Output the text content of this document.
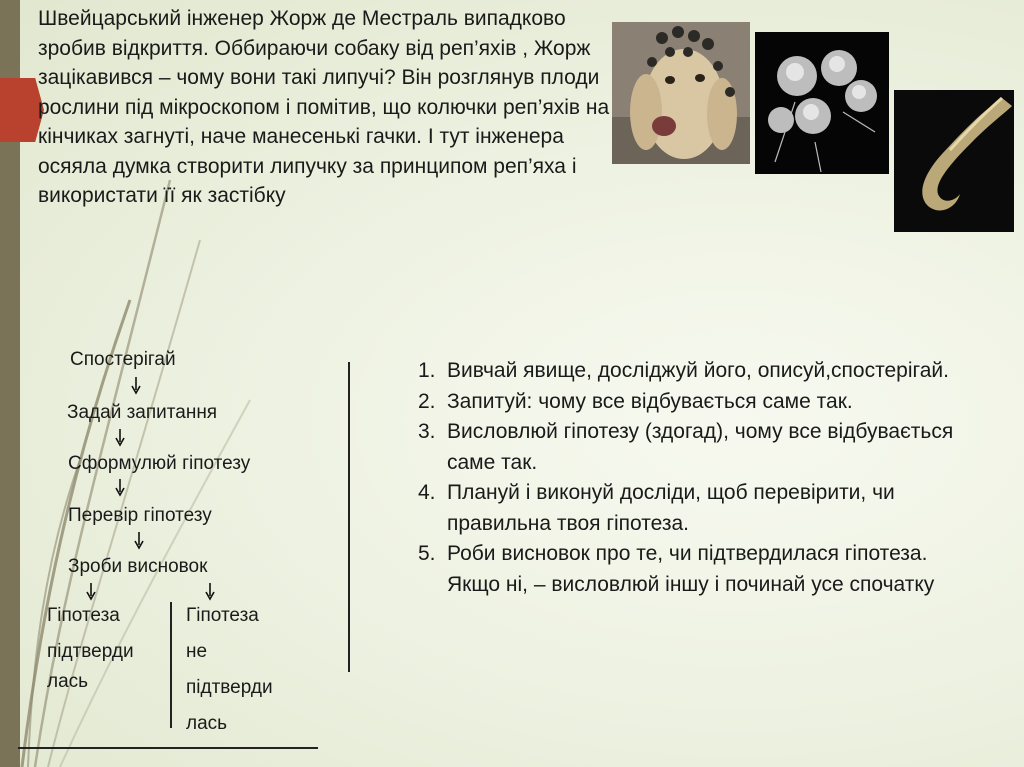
Швейцарський інженер Жорж де Местраль випадково зробив відкриття. Оббираючи собаку від реп’яхів , Жорж зацікавився – чому вони такі липучі? Він розглянув плоди рослини під мікроскопом і помітив, що колючки реп’яхів на кінчиках загнуті, наче манесенькі гачки. І тут інженера осяяла думка створити липучку за принципом реп’яха і використати її як застібку

Спостерігай

Задай запитання

Сформулюй гіпотезу

Перевір гіпотезу

Зроби висновок

Гіпотеза
підтверди
лась
Гіпотеза
не
підтверди
лась
1. Вивчай явище, досліджуй його, описуй,спостерігай.
2. Запитуй: чому все відбувається саме так.
3. Висловлюй гіпотезу (здогад), чому все відбувається саме так.
4. Плануй і виконуй досліди, щоб перевірити, чи правильна твоя гіпотеза.
5. Роби висновок про те, чи підтвердилася гіпотеза. Якщо ні, – висловлюй іншу і починай усе спочатку
